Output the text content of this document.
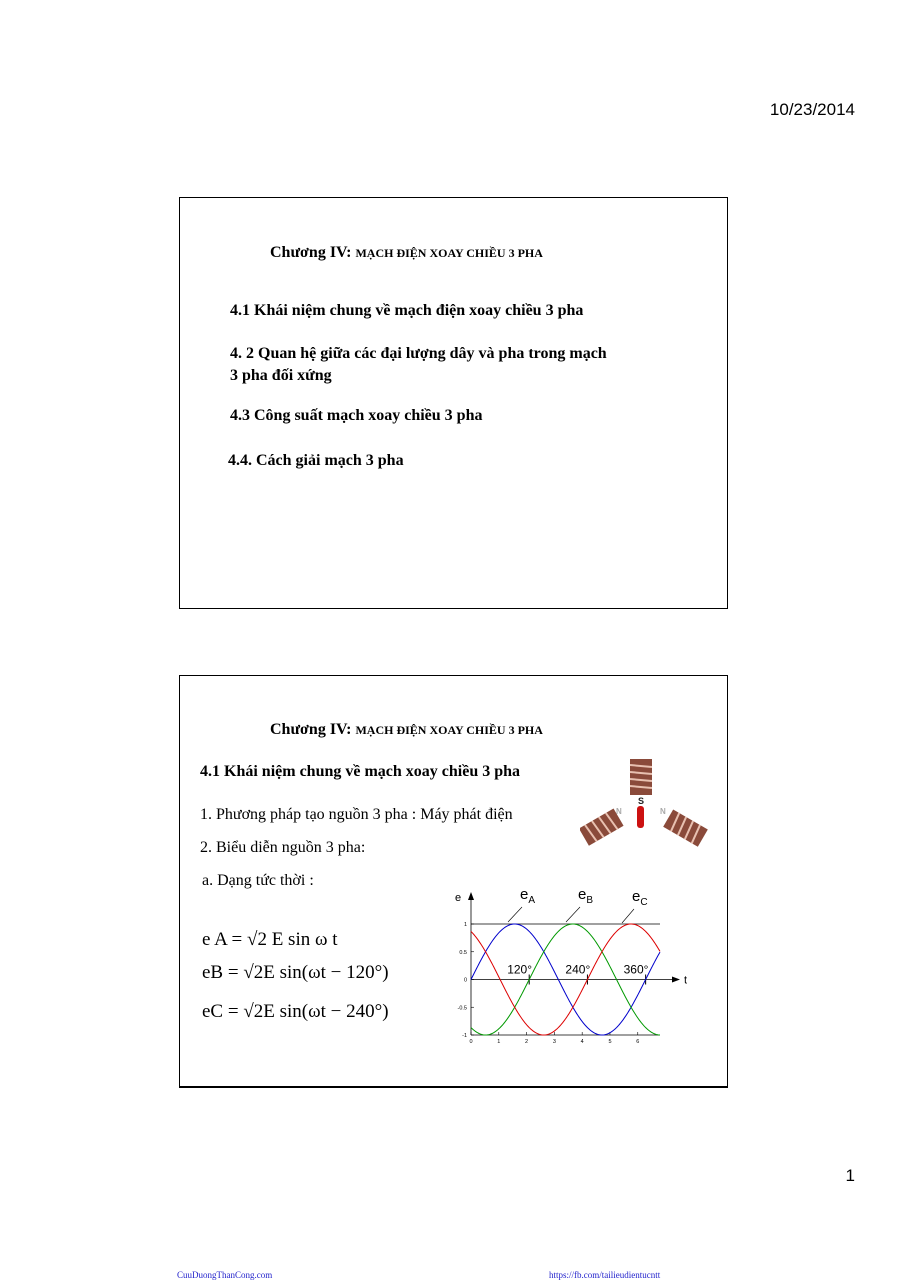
10/23/2014
Chương IV: MẠCH ĐIỆN XOAY CHIỀU 3 PHA
4.1 Khái niệm chung về mạch điện xoay chiều 3 pha
4. 2 Quan hệ giữa các đại lượng dây và pha trong mạch
3 pha đối xứng
4.3 Công suất mạch xoay chiều 3 pha
4.4. Cách giải mạch 3 pha
Chương IV: MẠCH ĐIỆN XOAY CHIỀU 3 PHA
4.1 Khái niệm chung về mạch xoay chiều 3 pha
1. Phương pháp tạo nguồn 3 pha : Máy phát điện
2. Biểu diễn nguồn 3 pha:
a. Dạng tức thời :
e A = √2 E sin ω t
eB = √2E sin(ωt − 120°)
eC = √2E sin(ωt − 240°)
S
N	N
1
0.5
0
-0.5
-1
0	1	2	3	4	5	6
120°	240°	360°
e
t
$e_A$	$e_B$	$e_C$
1
CuuDuongThanCong.com	https://fb.com/tailieudientucntt
